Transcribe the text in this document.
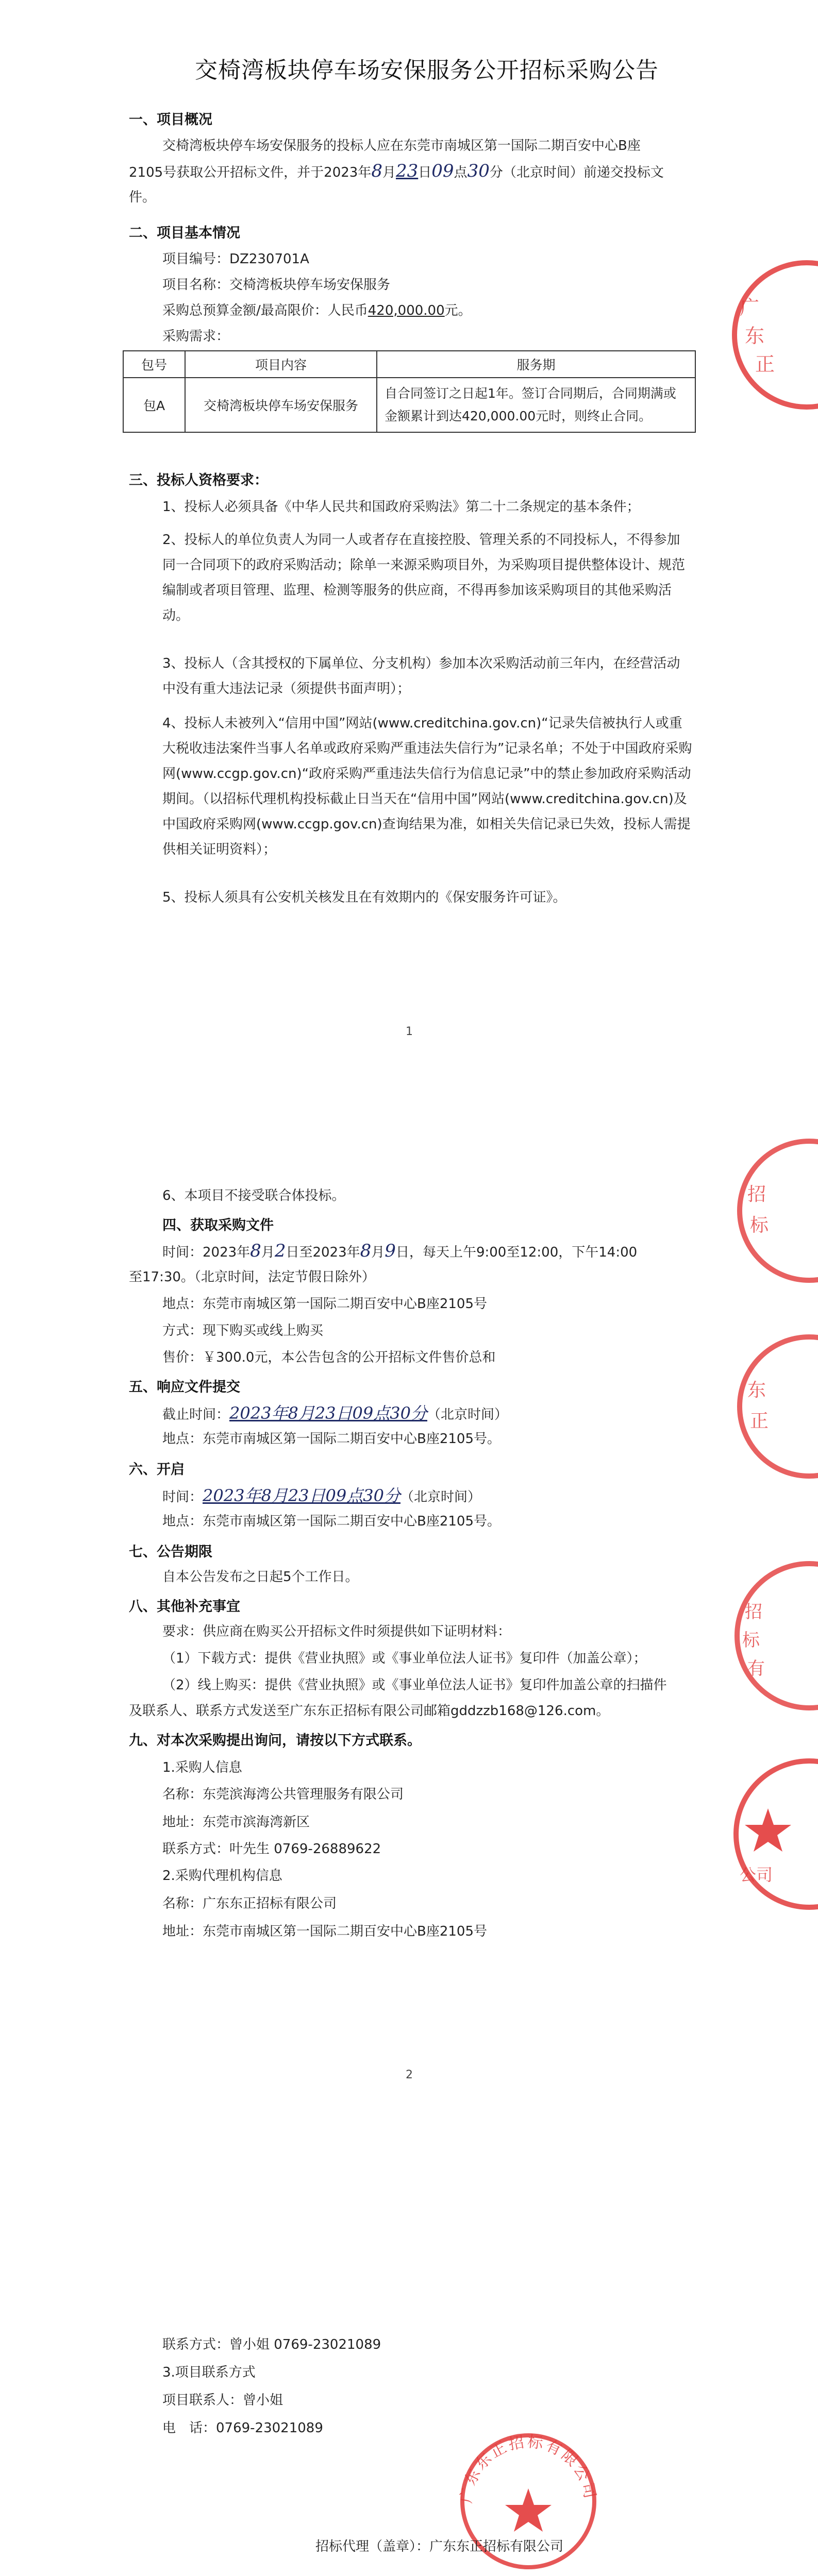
交椅湾板块停车场安保服务公开招标采购公告
一、项目概况
交椅湾板块停车场安保服务的投标人应在东莞市南城区第一国际二期百安中心B座
2105号获取公开招标文件，并于2023年8月23日09点30分（北京时间）前递交投标文
件。
二、项目基本情况
项目编号：DZ230701A
项目名称：交椅湾板块停车场安保服务
采购总预算金额/最高限价：人民币420,000.00元。
采购需求：
包号	项目内容	服务期
包A	交椅湾板块停车场安保服务	自合同签订之日起1年。签订合同期后，合同期满或金额累计到达420,000.00元时，则终止合同。
三、投标人资格要求：
1、投标人必须具备《中华人民共和国政府采购法》第二十二条规定的基本条件；
2、投标人的单位负责人为同一人或者存在直接控股、管理关系的不同投标人，不得参加同一合同项下的政府采购活动；除单一来源采购项目外，为采购项目提供整体设计、规范编制或者项目管理、监理、检测等服务的供应商，不得再参加该采购项目的其他采购活动。
3、投标人（含其授权的下属单位、分支机构）参加本次采购活动前三年内，在经营活动中没有重大违法记录（须提供书面声明）；
4、投标人未被列入“信用中国”网站(www.creditchina.gov.cn)“记录失信被执行人或重大税收违法案件当事人名单或政府采购严重违法失信行为”记录名单；不处于中国政府采购网(www.ccgp.gov.cn)“政府采购严重违法失信行为信息记录”中的禁止参加政府采购活动期间。（以招标代理机构投标截止日当天在“信用中国”网站(www.creditchina.gov.cn)及中国政府采购网(www.ccgp.gov.cn)查询结果为准，如相关失信记录已失效，投标人需提供相关证明资料）；
5、投标人须具有公安机关核发且在有效期内的《保安服务许可证》。
1
广
东
正
6、本项目不接受联合体投标。
四、获取采购文件
时间：2023年8月2日至2023年8月9日，每天上午9:00至12:00，下午14:00
至17:30。（北京时间，法定节假日除外）
地点：东莞市南城区第一国际二期百安中心B座2105号
方式：现下购买或线上购买
售价：￥300.0元，本公告包含的公开招标文件售价总和
五、响应文件提交
截止时间：2023年8月23日09点30分（北京时间）
地点：东莞市南城区第一国际二期百安中心B座2105号。
六、开启
时间：2023年8月23日09点30分（北京时间）
地点：东莞市南城区第一国际二期百安中心B座2105号。
七、公告期限
自本公告发布之日起5个工作日。
八、其他补充事宜
要求：供应商在购买公开招标文件时须提供如下证明材料：
（1）下载方式：提供《营业执照》或《事业单位法人证书》复印件（加盖公章）；
（2）线上购买：提供《营业执照》或《事业单位法人证书》复印件加盖公章的扫描件
及联系人、联系方式发送至广东东正招标有限公司邮箱gddzzb168@126.com。
九、对本次采购提出询问，请按以下方式联系。
1.采购人信息
名称：东莞滨海湾公共管理服务有限公司
地址：东莞市滨海湾新区
联系方式：叶先生 0769-26889622
2.采购代理机构信息
名称：广东东正招标有限公司
地址：东莞市南城区第一国际二期百安中心B座2105号
2
招
标
东
正
招
标
有
公司
联系方式：曾小姐 0769-23021089
3.项目联系方式
项目联系人：曾小姐
电　话：0769-23021089
广东东正招标有限公司
招标代理（盖章）：广东东正招标有限公司
